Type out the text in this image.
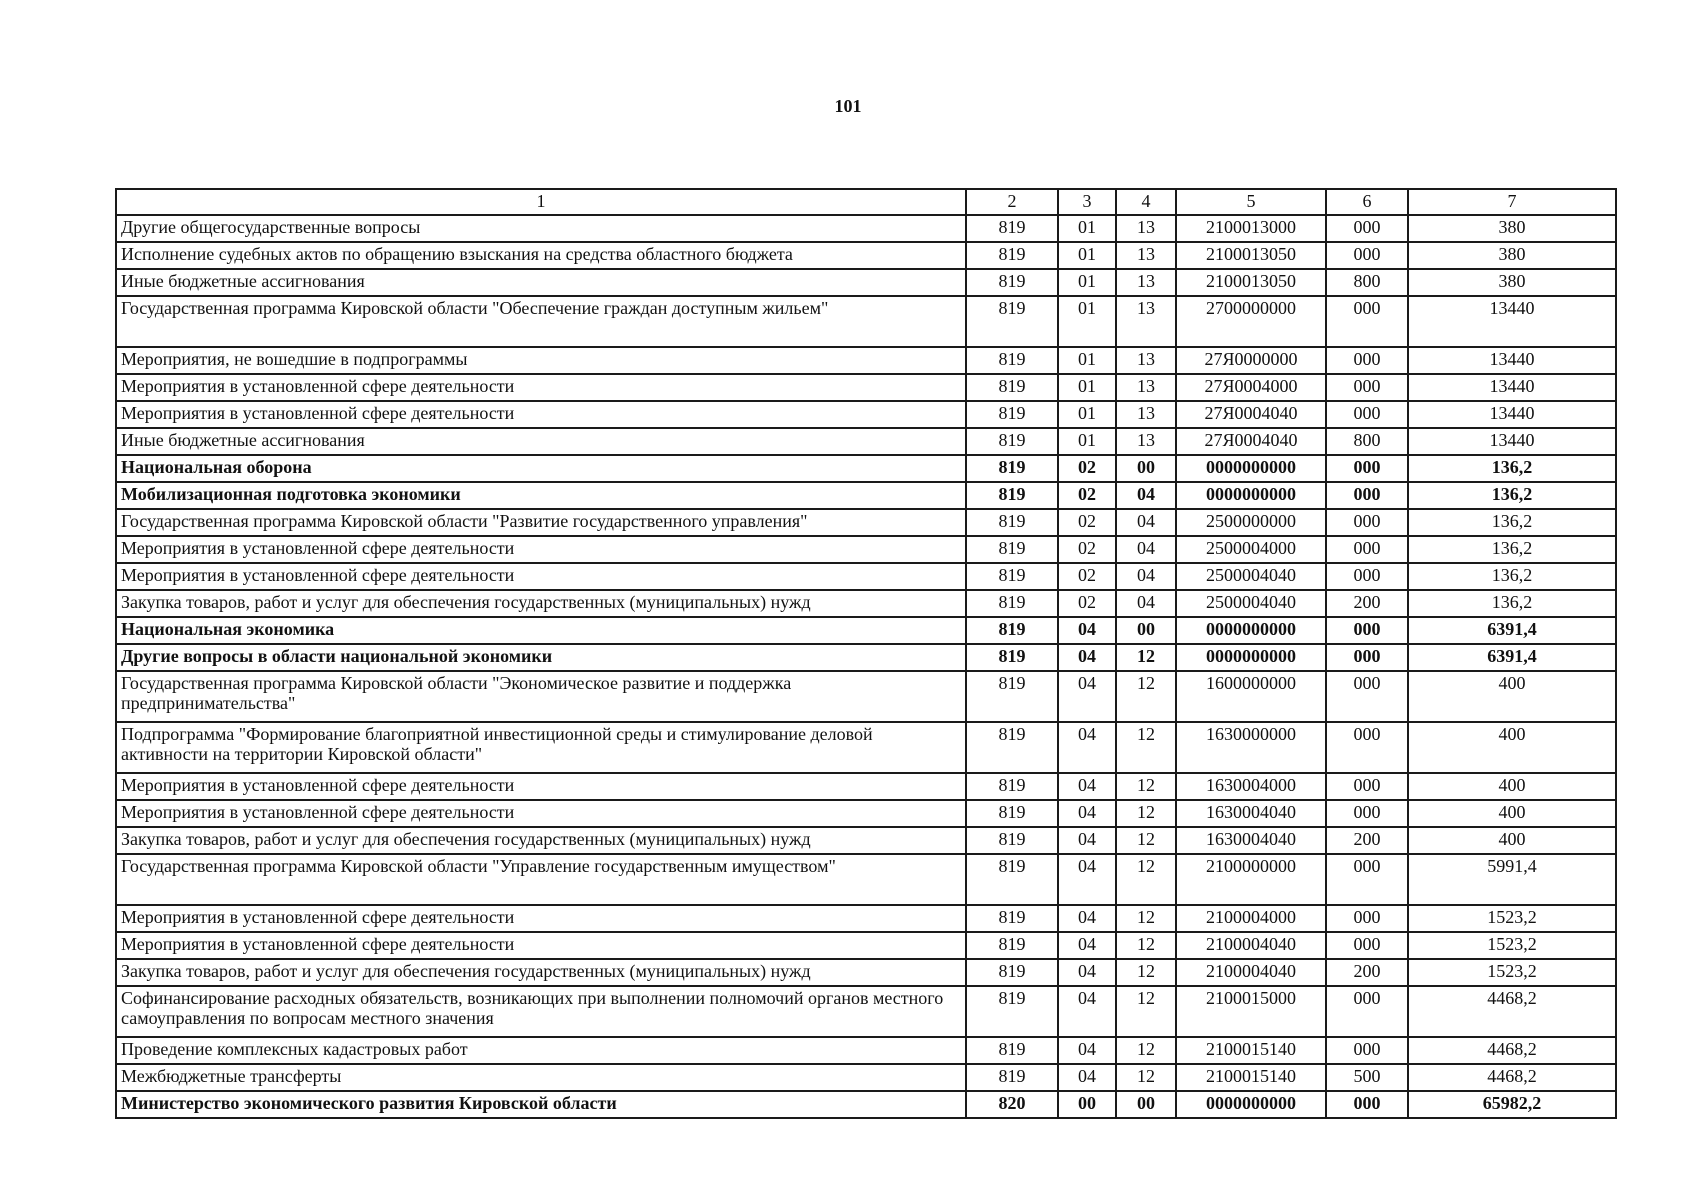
101
1	2	3	4	5	6	7
Другие общегосударственные вопросы	819	01	13	2100013000	000	380
Исполнение судебных актов по обращению взыскания на средства областного бюджета	819	01	13	2100013050	000	380
Иные бюджетные ассигнования	819	01	13	2100013050	800	380
Государственная программа Кировской области "Обеспечение граждан доступным жильем"	819	01	13	2700000000	000	13440
Мероприятия, не вошедшие в подпрограммы	819	01	13	27Я0000000	000	13440
Мероприятия в установленной сфере деятельности	819	01	13	27Я0004000	000	13440
Мероприятия в установленной сфере деятельности	819	01	13	27Я0004040	000	13440
Иные бюджетные ассигнования	819	01	13	27Я0004040	800	13440
Национальная оборона	819	02	00	0000000000	000	136,2
Мобилизационная подготовка экономики	819	02	04	0000000000	000	136,2
Государственная программа Кировской области "Развитие государственного управления"	819	02	04	2500000000	000	136,2
Мероприятия в установленной сфере деятельности	819	02	04	2500004000	000	136,2
Мероприятия в установленной сфере деятельности	819	02	04	2500004040	000	136,2
Закупка товаров, работ и услуг для обеспечения государственных (муниципальных) нужд	819	02	04	2500004040	200	136,2
Национальная экономика	819	04	00	0000000000	000	6391,4
Другие вопросы в области национальной экономики	819	04	12	0000000000	000	6391,4
Государственная программа Кировской области "Экономическое развитие и поддержка предпринимательства"	819	04	12	1600000000	000	400
Подпрограмма "Формирование благоприятной инвестиционной среды и стимулирование деловой активности на территории Кировской области"	819	04	12	1630000000	000	400
Мероприятия в установленной сфере деятельности	819	04	12	1630004000	000	400
Мероприятия в установленной сфере деятельности	819	04	12	1630004040	000	400
Закупка товаров, работ и услуг для обеспечения государственных (муниципальных) нужд	819	04	12	1630004040	200	400
Государственная программа Кировской области "Управление государственным имуществом"	819	04	12	2100000000	000	5991,4
Мероприятия в установленной сфере деятельности	819	04	12	2100004000	000	1523,2
Мероприятия в установленной сфере деятельности	819	04	12	2100004040	000	1523,2
Закупка товаров, работ и услуг для обеспечения государственных (муниципальных) нужд	819	04	12	2100004040	200	1523,2
Софинансирование расходных обязательств, возникающих при выполнении полномочий органов местного самоуправления по вопросам местного значения	819	04	12	2100015000	000	4468,2
Проведение комплексных кадастровых работ	819	04	12	2100015140	000	4468,2
Межбюджетные трансферты	819	04	12	2100015140	500	4468,2
Министерство экономического развития Кировской области	820	00	00	0000000000	000	65982,2
